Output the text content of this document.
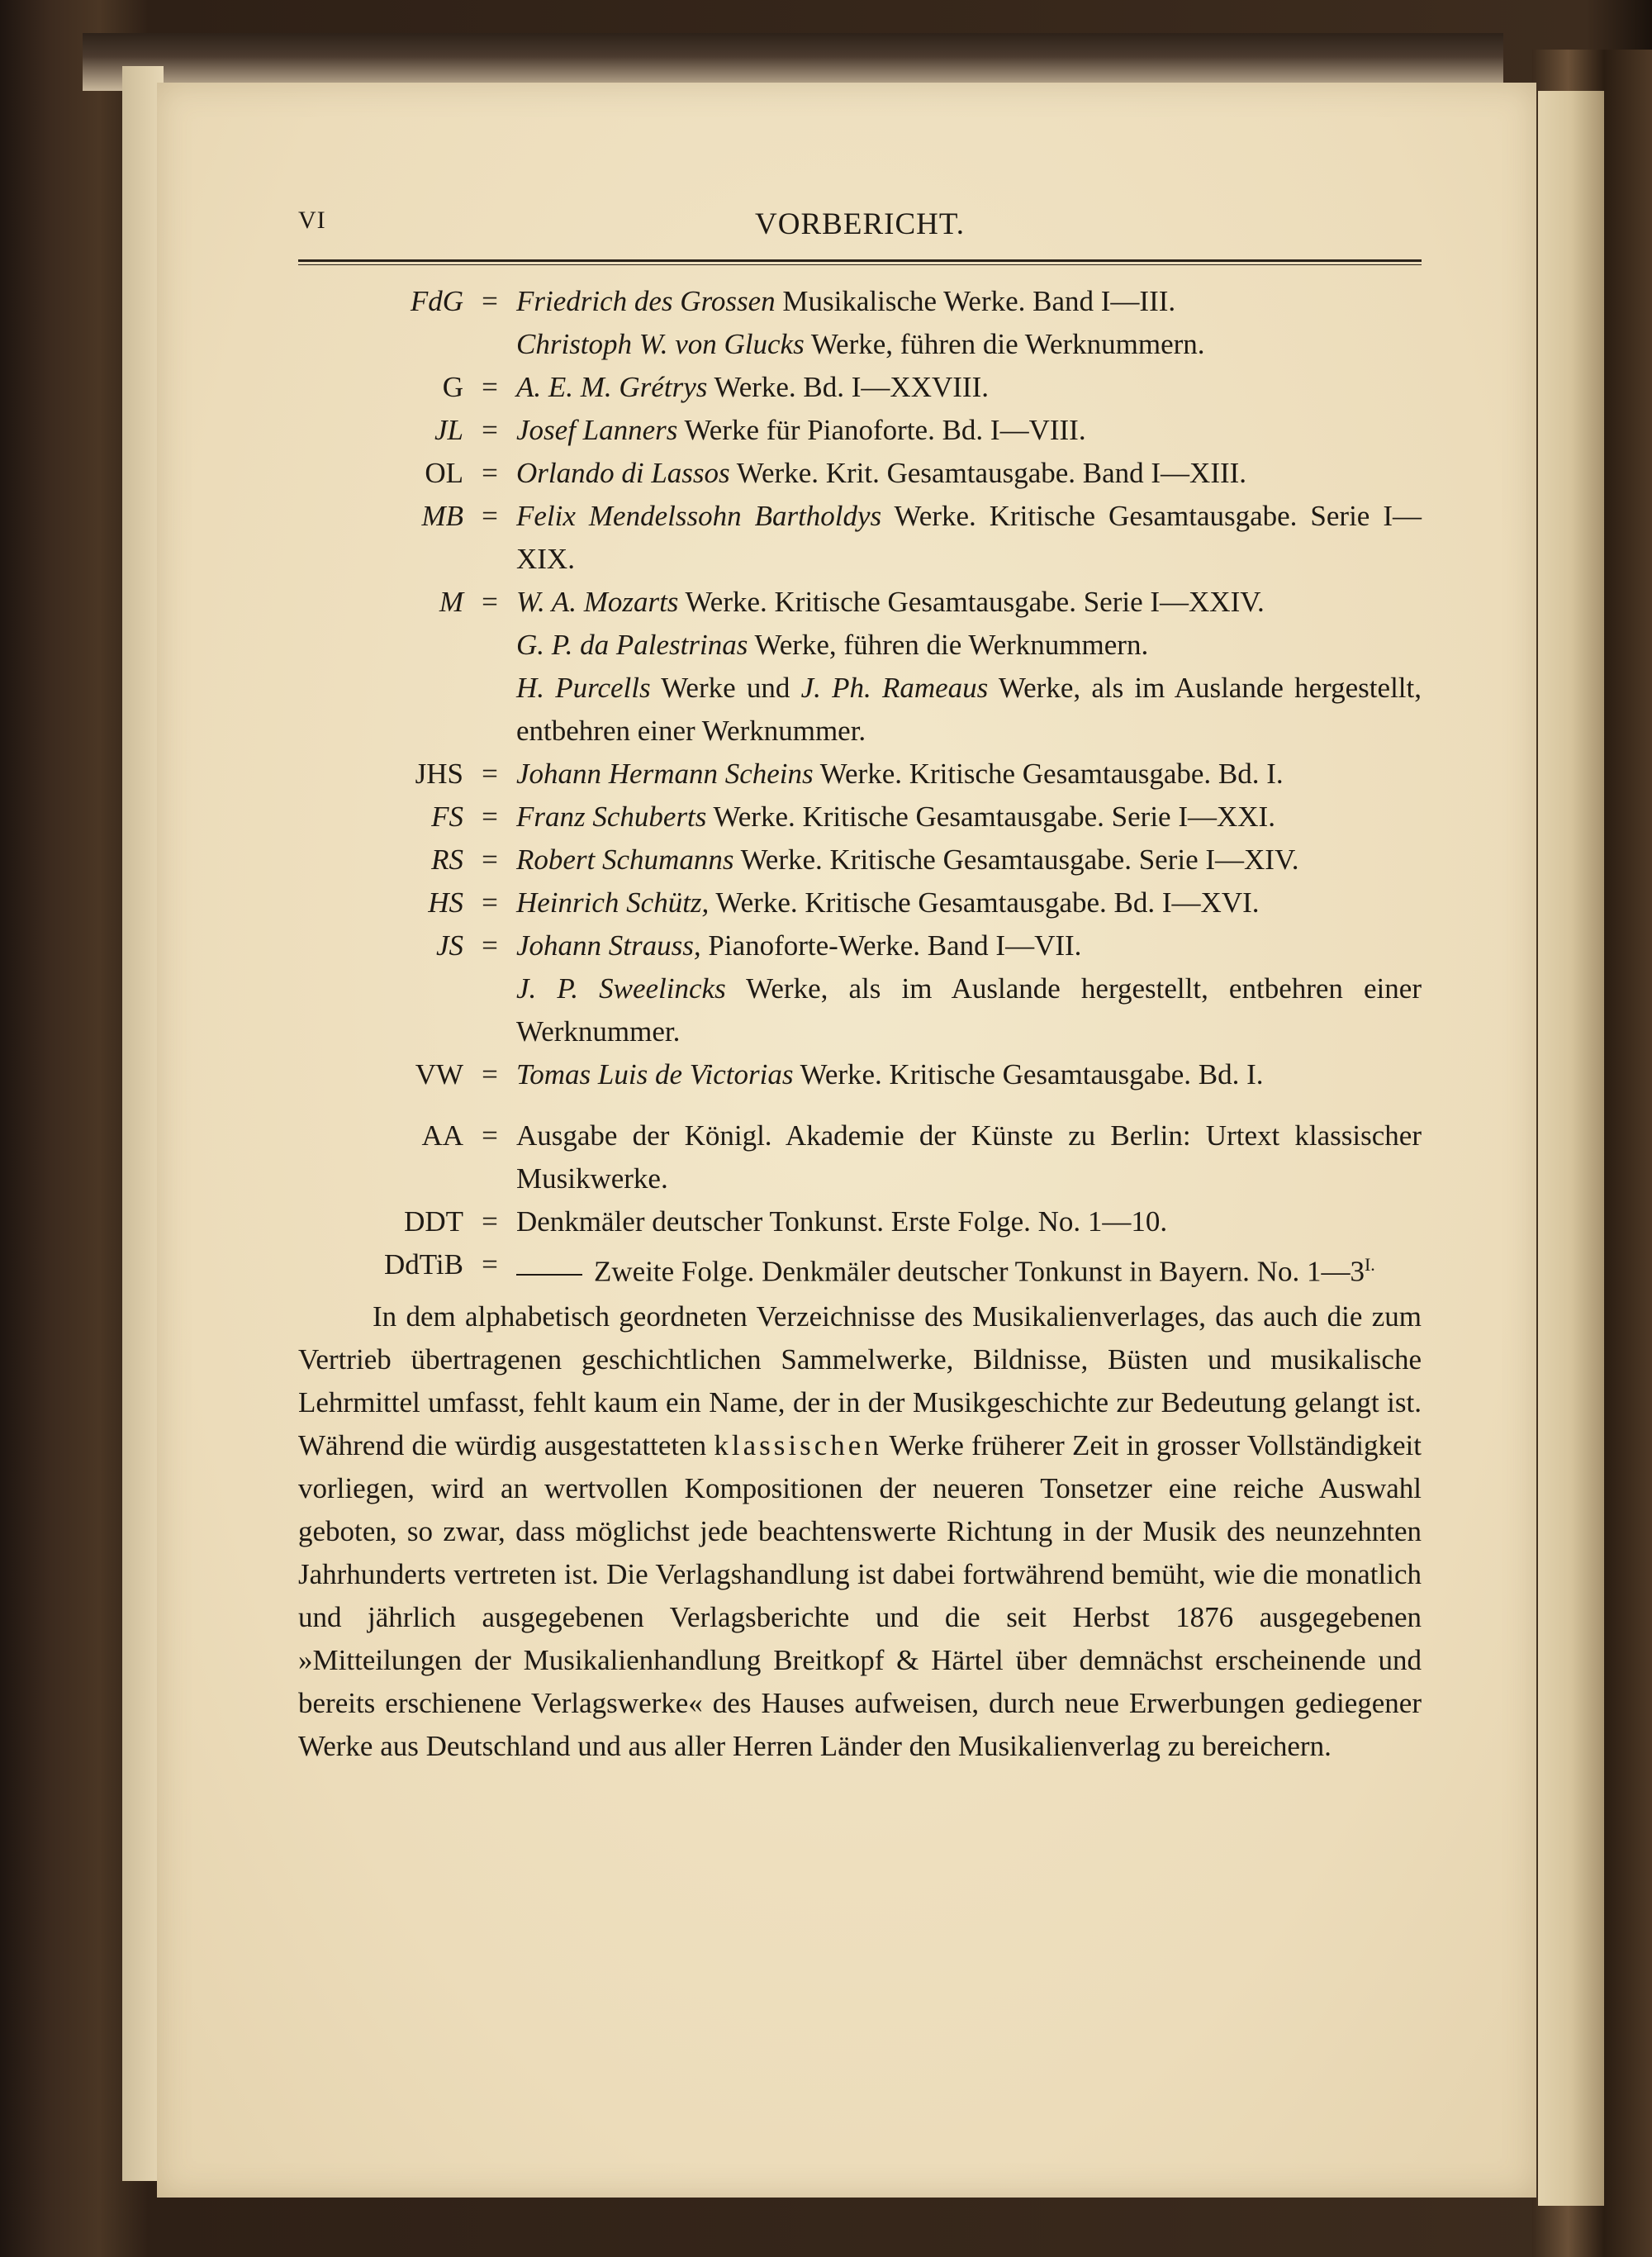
VI	VORBERICHT.
FdG = Friedrich des Grossen Musikalische Werke. Band I—III.
Christoph W. von Glucks Werke, führen die Werknummern.
G = A. E. M. Grétrys Werke. Bd. I—XXVIII.
JL = Josef Lanners Werke für Pianoforte. Bd. I—VIII.
OL = Orlando di Lassos Werke. Krit. Gesamtausgabe. Band I—XIII.
MB = Felix Mendelssohn Bartholdys Werke. Kritische Gesamtausgabe. Serie I—XIX.
M = W. A. Mozarts Werke. Kritische Gesamtausgabe. Serie I—XXIV.
G. P. da Palestrinas Werke, führen die Werknummern.
H. Purcells Werke und J. Ph. Rameaus Werke, als im Auslande hergestellt, entbehren einer Werknummer.
JHS = Johann Hermann Scheins Werke. Kritische Gesamtausgabe. Bd. I.
FS = Franz Schuberts Werke. Kritische Gesamtausgabe. Serie I—XXI.
RS = Robert Schumanns Werke. Kritische Gesamtausgabe. Serie I—XIV.
HS = Heinrich Schütz, Werke. Kritische Gesamtausgabe. Bd. I—XVI.
JS = Johann Strauss, Pianoforte-Werke. Band I—VII.
J. P. Sweelincks Werke, als im Auslande hergestellt, entbehren einer Werknummer.
VW = Tomas Luis de Victorias Werke. Kritische Gesamtausgabe. Bd. I.
AA = Ausgabe der Königl. Akademie der Künste zu Berlin: Urtext klassischer Musikwerke.
DDT = Denkmäler deutscher Tonkunst. Erste Folge. No. 1—10.
DdTiB =	Zweite Folge. Denkmäler deutscher Tonkunst in Bayern. No. $1—3^{I.}$

In dem alphabetisch geordneten Verzeichnisse des Musikalienverlages, das auch die zum Vertrieb übertragenen geschichtlichen Sammelwerke, Bildnisse, Büsten und musikalische Lehrmittel umfasst, fehlt kaum ein Name, der in der Musikgeschichte zur Bedeutung gelangt ist. Während die würdig ausgestatteten klassischen Werke früherer Zeit in grosser Vollständigkeit vorliegen, wird an wertvollen Kompositionen der neueren Tonsetzer eine reiche Auswahl geboten, so zwar, dass möglichst jede beachtenswerte Richtung in der Musik des neunzehnten Jahrhunderts vertreten ist. Die Verlagshandlung ist dabei fortwährend bemüht, wie die monatlich und jährlich ausgegebenen Verlagsberichte und die seit Herbst 1876 ausgegebenen »Mitteilungen der Musikalienhandlung Breitkopf & Härtel über demnächst erscheinende und bereits erschienene Verlagswerke« des Hauses aufweisen, durch neue Erwerbungen gediegener Werke aus Deutschland und aus aller Herren Länder den Musikalienverlag zu bereichern.
